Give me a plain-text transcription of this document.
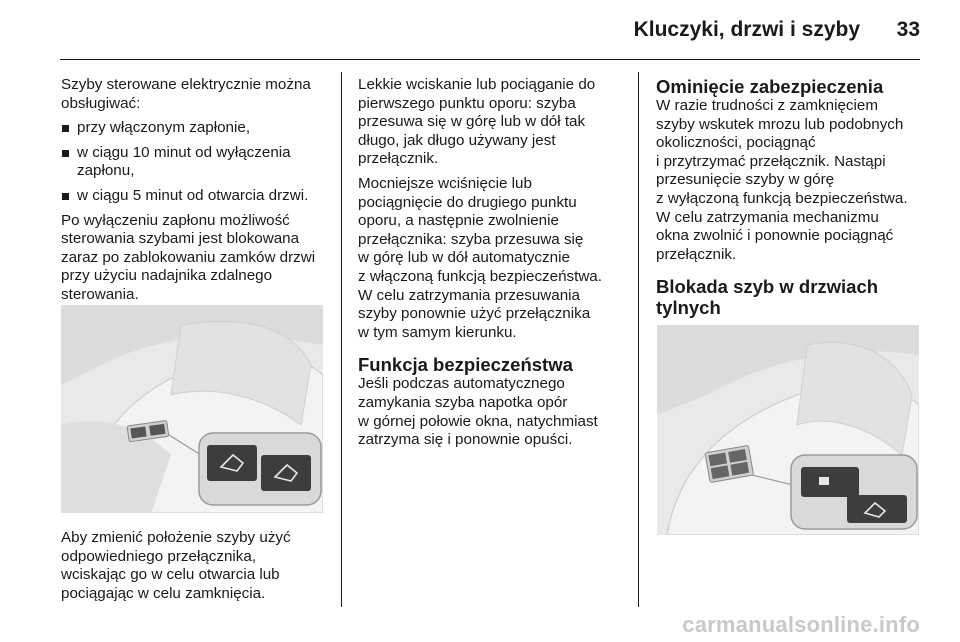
Kluczyki, drzwi i szyby	33

Szyby sterowane elektrycznie można
obsługiwać:

przy włączonym zapłonie,
w ciągu 10 minut od wyłączenia
zapłonu,
w ciągu 5 minut od otwarcia drzwi.

Po wyłączeniu zapłonu możliwość
sterowania szybami jest blokowana
zaraz po zablokowaniu zamków drzwi
przy użyciu nadajnika zdalnego
sterowania.

Aby zmienić położenie szyby użyć
odpowiedniego przełącznika,
wciskając go w celu otwarcia lub
pociągając w celu zamknięcia.

Lekkie wciskanie lub pociąganie do
pierwszego punktu oporu: szyba
przesuwa się w górę lub w dół tak
długo, jak długo używany jest
przełącznik.

Mocniejsze wciśnięcie lub
pociągnięcie do drugiego punktu
oporu, a następnie zwolnienie
przełącznika: szyba przesuwa się
w górę lub w dół automatycznie
z włączoną funkcją bezpieczeństwa.
W celu zatrzymania przesuwania
szyby ponownie użyć przełącznika
w tym samym kierunku.

Funkcja bezpieczeństwa

Jeśli podczas automatycznego
zamykania szyba napotka opór
w górnej połowie okna, natychmiast
zatrzyma się i ponownie opuści.

Ominięcie zabezpieczenia

W razie trudności z zamknięciem
szyby wskutek mrozu lub podobnych
okoliczności, pociągnąć
i przytrzymać przełącznik. Nastąpi
przesunięcie szyby w górę
z wyłączoną funkcją bezpieczeństwa.
W celu zatrzymania mechanizmu
okna zwolnić i ponownie pociągnąć
przełącznik.

Blokada szyb w drzwiach
tylnych
carmanualsonline.info
